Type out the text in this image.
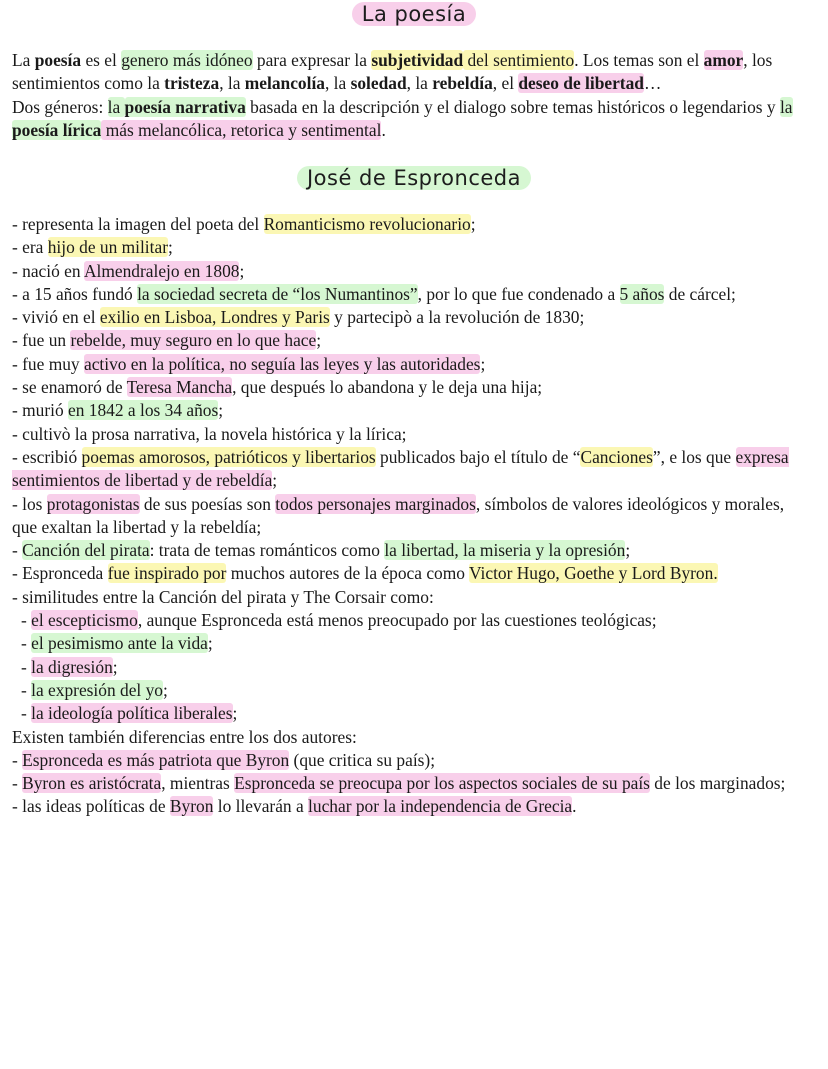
La poesía

La poesía es el genero más idóneo para expresar la subjetividad del sentimiento. Los temas son el amor, los sentimientos como la tristeza, la melancolía, la soledad, la rebeldía, el deseo de libertad…

Dos géneros: la poesía narrativa basada en la descripción y el dialogo sobre temas históricos o legendarios y la poesía lírica más melancólica, retorica y sentimental.

José de Espronceda

- representa la imagen del poeta del Romanticismo revolucionario;

- era hijo de un militar;

- nació en Almendralejo en 1808;

- a 15 años fundó la sociedad secreta de “los Numantinos”, por lo que fue condenado a 5 años de cárcel;

- vivió en el exilio en Lisboa, Londres y Paris y partecipò a la revolución de 1830;

- fue un rebelde, muy seguro en lo que hace;

- fue muy activo en la política, no seguía las leyes y las autoridades;

- se enamoró de Teresa Mancha, que después lo abandona y le deja una hija;

- murió en 1842 a los 34 años;

- cultivò la prosa narrativa, la novela histórica y la lírica;

- escribió poemas amorosos, patrióticos y libertarios publicados bajo el título de “Canciones”, e los que expresa sentimientos de libertad y de rebeldía;

- los protagonistas de sus poesías son todos personajes marginados, símbolos de valores ideológicos y morales, que exaltan la libertad y la rebeldía;

- Canción del pirata: trata de temas románticos como la libertad, la miseria y la opresión;

- Espronceda fue inspirado por muchos autores de la época como Victor Hugo, Goethe y Lord Byron.

- similitudes entre la Canción del pirata y The Corsair como:

- el escepticismo, aunque Espronceda está menos preocupado por las cuestiones teológicas;

- el pesimismo ante la vida;

- la digresión;

- la expresión del yo;

- la ideología política liberales;

Existen también diferencias entre los dos autores:

- Espronceda es más patriota que Byron (que critica su país);

- Byron es aristócrata, mientras Espronceda se preocupa por los aspectos sociales de su país de los marginados;

- las ideas políticas de Byron lo llevarán a luchar por la independencia de Grecia.
